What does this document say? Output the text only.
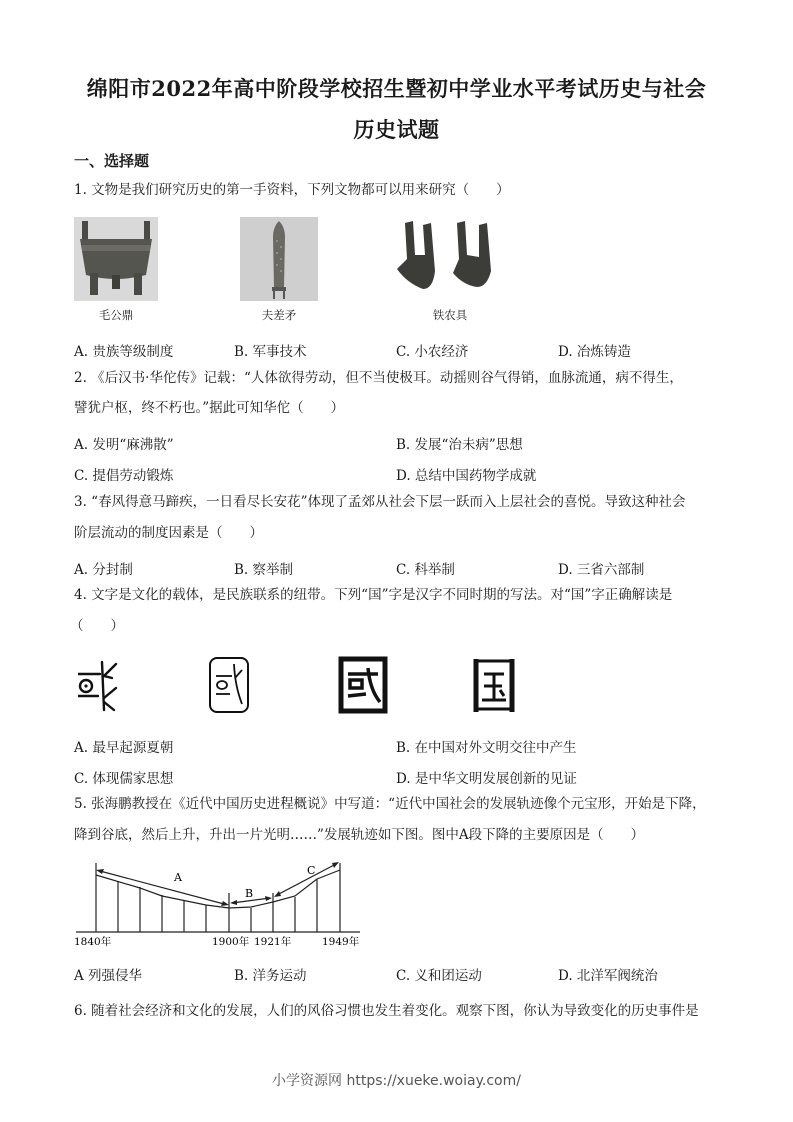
绵阳市2022年高中阶段学校招生暨初中学业水平考试历史与社会
历史试题
一、选择题
1. 文物是我们研究历史的第一手资料，下列文物都可以用来研究（　　）
毛公鼎	夫差矛	铁农具
A. 贵族等级制度	B. 军事技术	C. 小农经济	D. 冶炼铸造
2. 《后汉书·华佗传》记载：“人体欲得劳动，但不当使极耳。动摇则谷气得销，血脉流通，病不得生，
譬犹户枢，终不朽也。”据此可知华佗（　　）
A. 发明“麻沸散”	B. 发展“治未病”思想
C. 提倡劳动锻炼	D. 总结中国药物学成就
3. “春风得意马蹄疾，一日看尽长安花”体现了孟郊从社会下层一跃而入上层社会的喜悦。导致这种社会
阶层流动的制度因素是（　　）
A. 分封制	B. 察举制	C. 科举制	D. 三省六部制
4. 文字是文化的载体，是民族联系的纽带。下列“国”字是汉字不同时期的写法。对“国”字正确解读是
（　　）
A. 最早起源夏朝	B. 在中国对外文明交往中产生
C. 体现儒家思想	D. 是中华文明发展创新的见证
5. 张海鹏教授在《近代中国历史进程概说》中写道：“近代中国社会的发展轨迹像个元宝形，开始是下降，
降到谷底，然后上升，升出一片光明……”发展轨迹如下图。图中A段下降的主要原因是（　　）
A
B
C
1840年	1900年 1921年	1949年
A 列强侵华	B. 洋务运动	C. 义和团运动	D. 北洋军阀统治
6. 随着社会经济和文化的发展，人们的风俗习惯也发生着变化。观察下图，你认为导致变化的历史事件是
小学资源网 https://xueke.woiay.com/
